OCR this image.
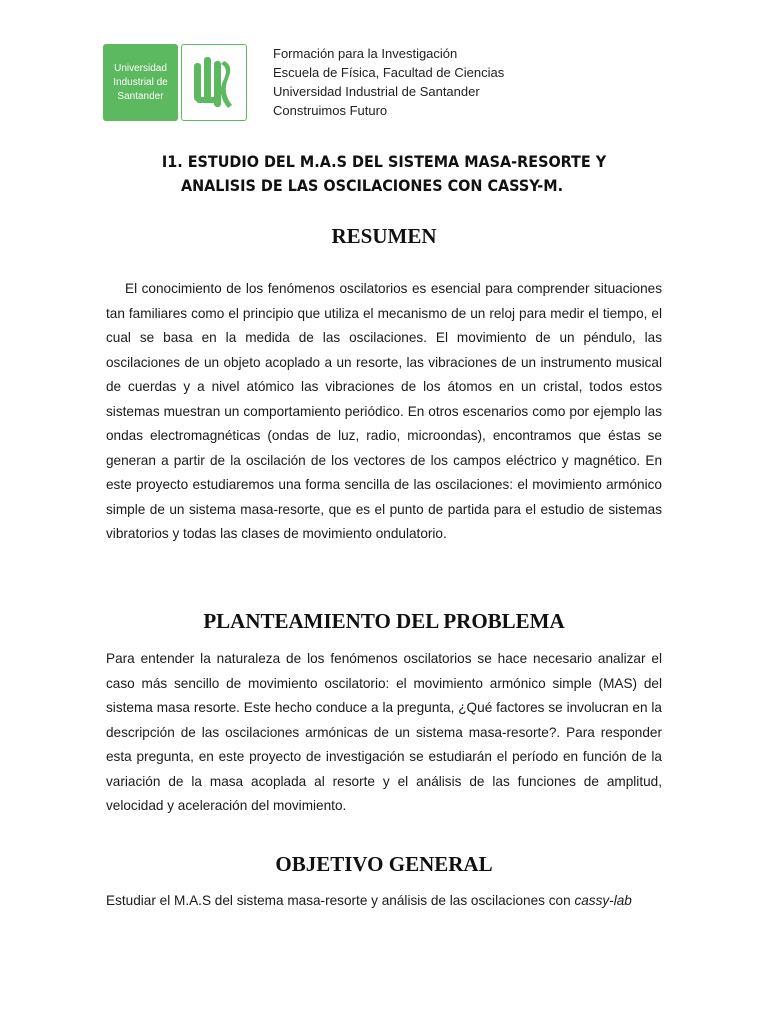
Universidad
Industrial de
Santander
Formación para la Investigación
Escuela de Física, Facultad de Ciencias
Universidad Industrial de Santander
Construimos Futuro
I1. ESTUDIO DEL M.A.S DEL SISTEMA MASA-RESORTE Y
ANALISIS DE LAS OSCILACIONES CON CASSY-M.
RESUMEN

El conocimiento de los fenómenos oscilatorios es esencial para comprender situaciones tan familiares como el principio que utiliza el mecanismo de un reloj para medir el tiempo, el cual se basa en la medida de las oscilaciones. El movimiento de un péndulo, las oscilaciones de un objeto acoplado a un resorte, las vibraciones de un instrumento musical de cuerdas y a nivel atómico las vibraciones de los átomos en un cristal, todos estos sistemas muestran un comportamiento periódico. En otros escenarios como por ejemplo las ondas electromagnéticas (ondas de luz, radio, microondas), encontramos que éstas se generan a partir de la oscilación de los vectores de los campos eléctrico y magnético. En este proyecto estudiaremos una forma sencilla de las oscilaciones: el movimiento armónico simple de un sistema masa-resorte, que es el punto de partida para el estudio de sistemas vibratorios y todas las clases de movimiento ondulatorio.

PLANTEAMIENTO DEL PROBLEMA

Para entender la naturaleza de los fenómenos oscilatorios se hace necesario analizar el caso más sencillo de movimiento oscilatorio: el movimiento armónico simple (MAS) del sistema masa resorte. Este hecho conduce a la pregunta, ¿Qué factores se involucran en la descripción de las oscilaciones armónicas de un sistema masa-resorte?. Para responder esta pregunta, en este proyecto de investigación se estudiarán el período en función de la variación de la masa acoplada al resorte y el análisis de las funciones de amplitud, velocidad y aceleración del movimiento.

OBJETIVO GENERAL
Estudiar el M.A.S del sistema masa-resorte y análisis de las oscilaciones con cassy-lab
